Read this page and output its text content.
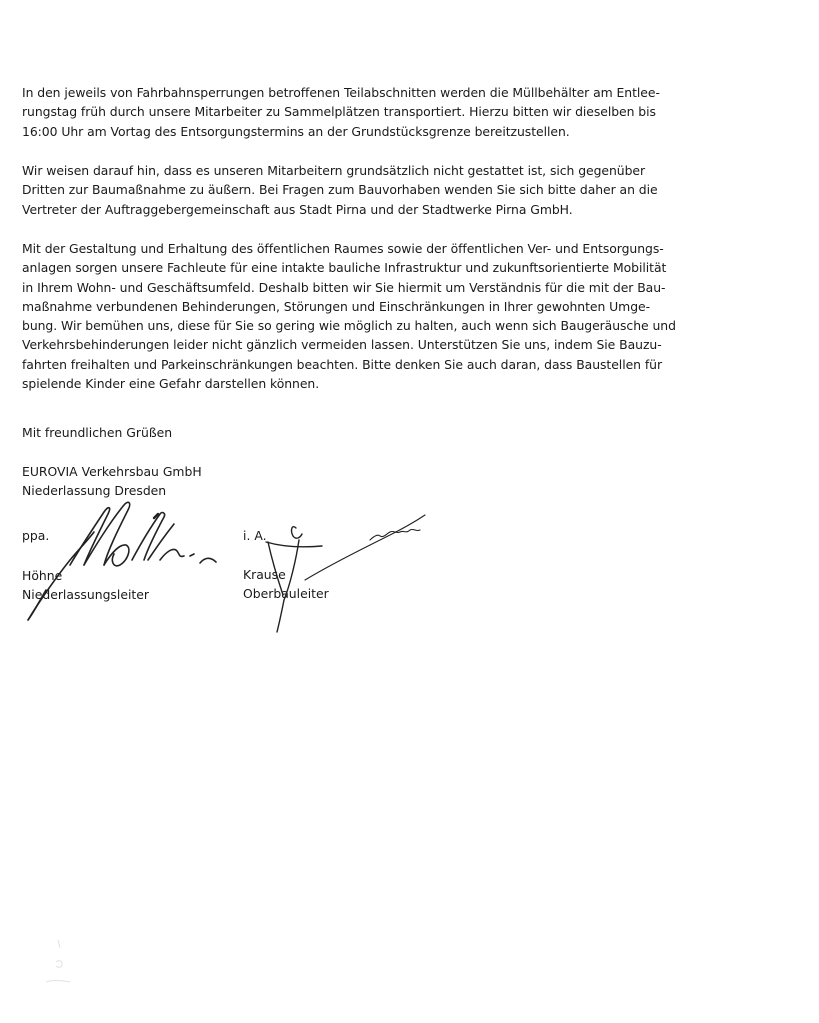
In den jeweils von Fahrbahnsperrungen betroffenen Teilabschnitten werden die Müllbehälter am Entlee-
rungstag früh durch unsere Mitarbeiter zu Sammelplätzen transportiert. Hierzu bitten wir dieselben bis
16:00 Uhr am Vortag des Entsorgungstermins an der Grundstücksgrenze bereitzustellen.
Wir weisen darauf hin, dass es unseren Mitarbeitern grundsätzlich nicht gestattet ist, sich gegenüber
Dritten zur Baumaßnahme zu äußern. Bei Fragen zum Bauvorhaben wenden Sie sich bitte daher an die
Vertreter der Auftraggebergemeinschaft aus Stadt Pirna und der Stadtwerke Pirna GmbH.
Mit der Gestaltung und Erhaltung des öffentlichen Raumes sowie der öffentlichen Ver- und Entsorgungs-
anlagen sorgen unsere Fachleute für eine intakte bauliche Infrastruktur und zukunftsorientierte Mobilität
in Ihrem Wohn- und Geschäftsumfeld. Deshalb bitten wir Sie hiermit um Verständnis für die mit der Bau-
maßnahme verbundenen Behinderungen, Störungen und Einschränkungen in Ihrer gewohnten Umge-
bung. Wir bemühen uns, diese für Sie so gering wie möglich zu halten, auch wenn sich Baugeräusche und
Verkehrsbehinderungen leider nicht gänzlich vermeiden lassen. Unterstützen Sie uns, indem Sie Bauzu-
fahrten freihalten und Parkeinschränkungen beachten. Bitte denken Sie auch daran, dass Baustellen für
spielende Kinder eine Gefahr darstellen können.
Mit freundlichen Grüßen
EUROVIA Verkehrsbau GmbH
Niederlassung Dresden
ppa.
Höhne
Niederlassungsleiter
i. A.
Krause
Oberbauleiter
